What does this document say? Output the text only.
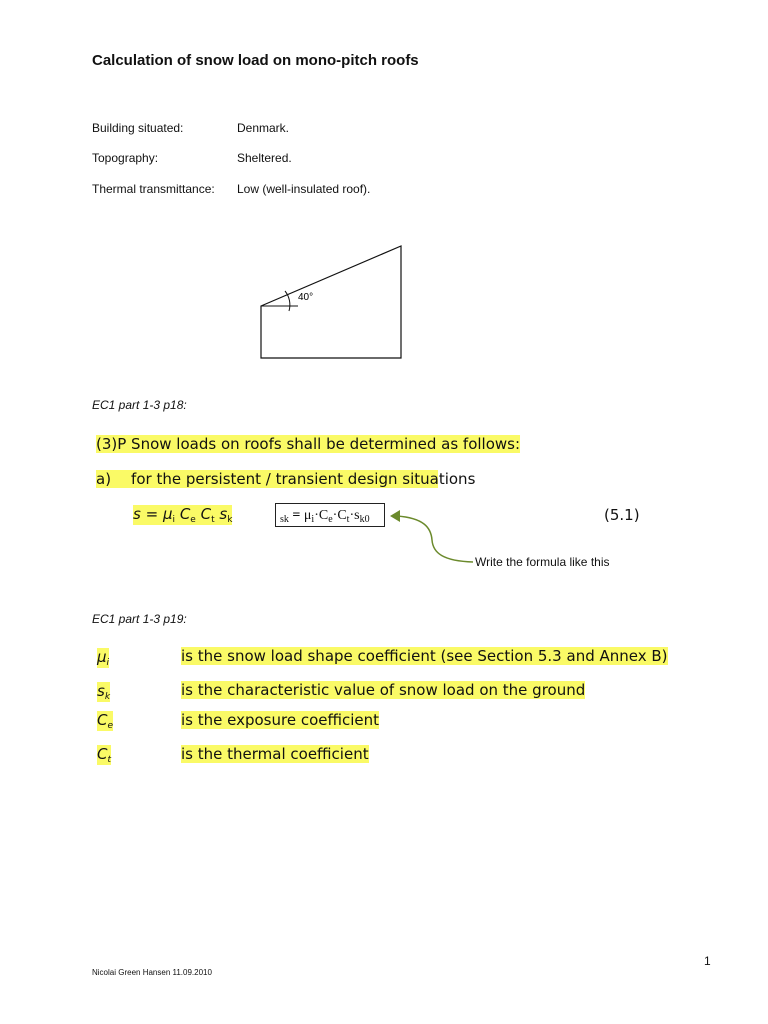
Calculation of snow load on mono-pitch roofs
Building situated:	Denmark.
Topography:	Sheltered.
Thermal transmittance: Low (well-insulated roof).
40°
EC1 part 1-3 p18:
(3)P Snow loads on roofs shall be determined as follows:
a) for the persistent / transient design situations
$s = \mu_i$ $C_e$ $C_t$ $s_k$	$_{sk} = \mu_i\cdot C_e\cdot C_t\cdot s_{k0}$	(5.1)
Write the formula like this
EC1 part 1-3 p19:
$\mu_i$	is the snow load shape coefficient (see Section 5.3 and Annex B)
$s_k$	is the characteristic value of snow load on the ground
$C_e$	is the exposure coefficient
$C_t$	is the thermal coefficient
1
Nicolai Green Hansen 11.09.2010
